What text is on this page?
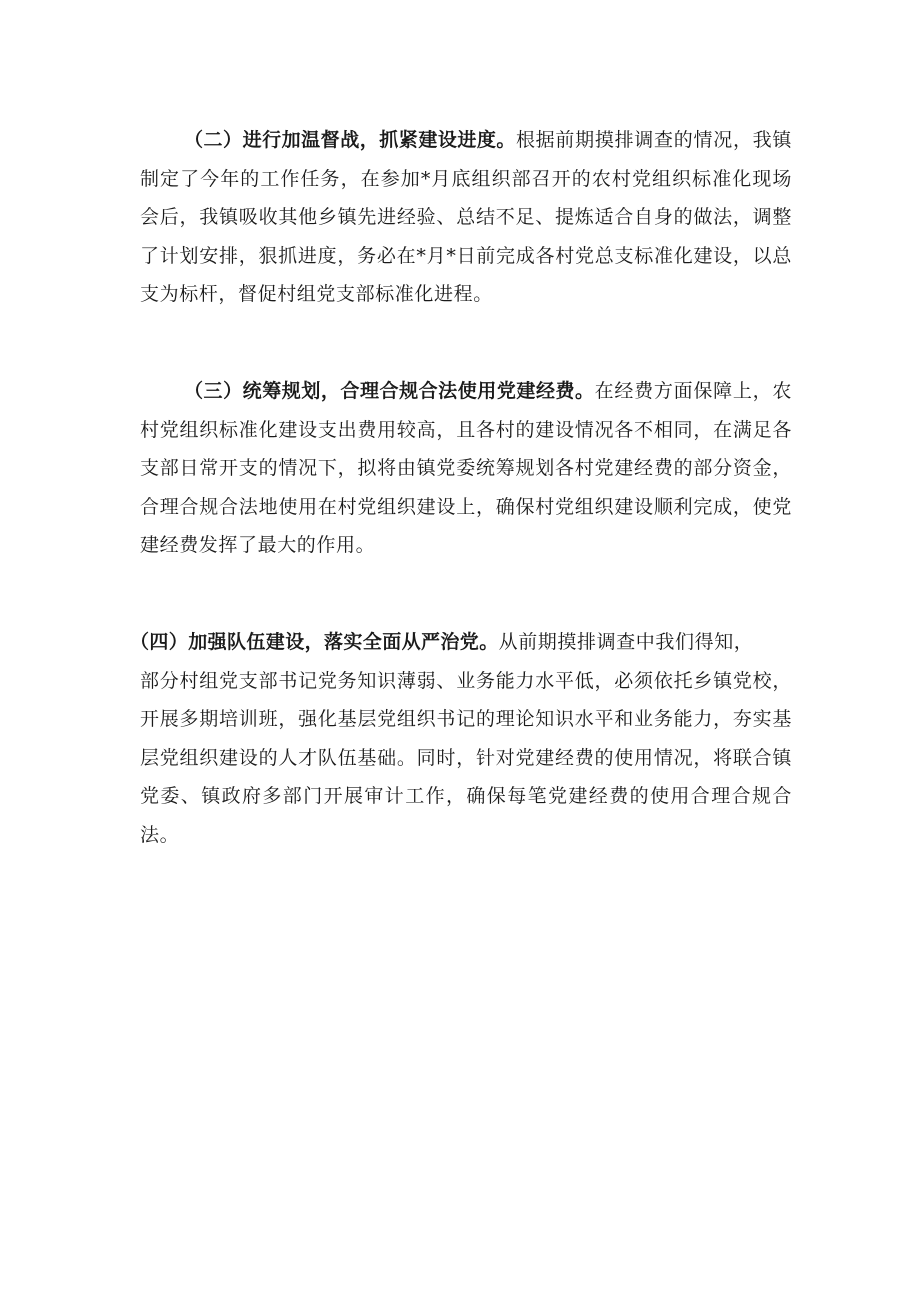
（二）进行加温督战，抓紧建设进度。根据前期摸排调查的情况，我镇制定了今年的工作任务，在参加*月底组织部召开的农村党组织标准化现场会后，我镇吸收其他乡镇先进经验、总结不足、提炼适合自身的做法，调整了计划安排，狠抓进度，务必在*月*日前完成各村党总支标准化建设，以总支为标杆，督促村组党支部标准化进程。

（三）统筹规划，合理合规合法使用党建经费。在经费方面保障上，农村党组织标准化建设支出费用较高，且各村的建设情况各不相同，在满足各支部日常开支的情况下，拟将由镇党委统筹规划各村党建经费的部分资金，合理合规合法地使用在村党组织建设上，确保村党组织建设顺利完成，使党建经费发挥了最大的作用。

（四）加强队伍建设，落实全面从严治党。从前期摸排调查中我们得知，
部分村组党支部书记党务知识薄弱、业务能力水平低，必须依托乡镇党校，开展多期培训班，强化基层党组织书记的理论知识水平和业务能力，夯实基层党组织建设的人才队伍基础。同时，针对党建经费的使用情况，将联合镇党委、镇政府多部门开展审计工作，确保每笔党建经费的使用合理合规合法。
